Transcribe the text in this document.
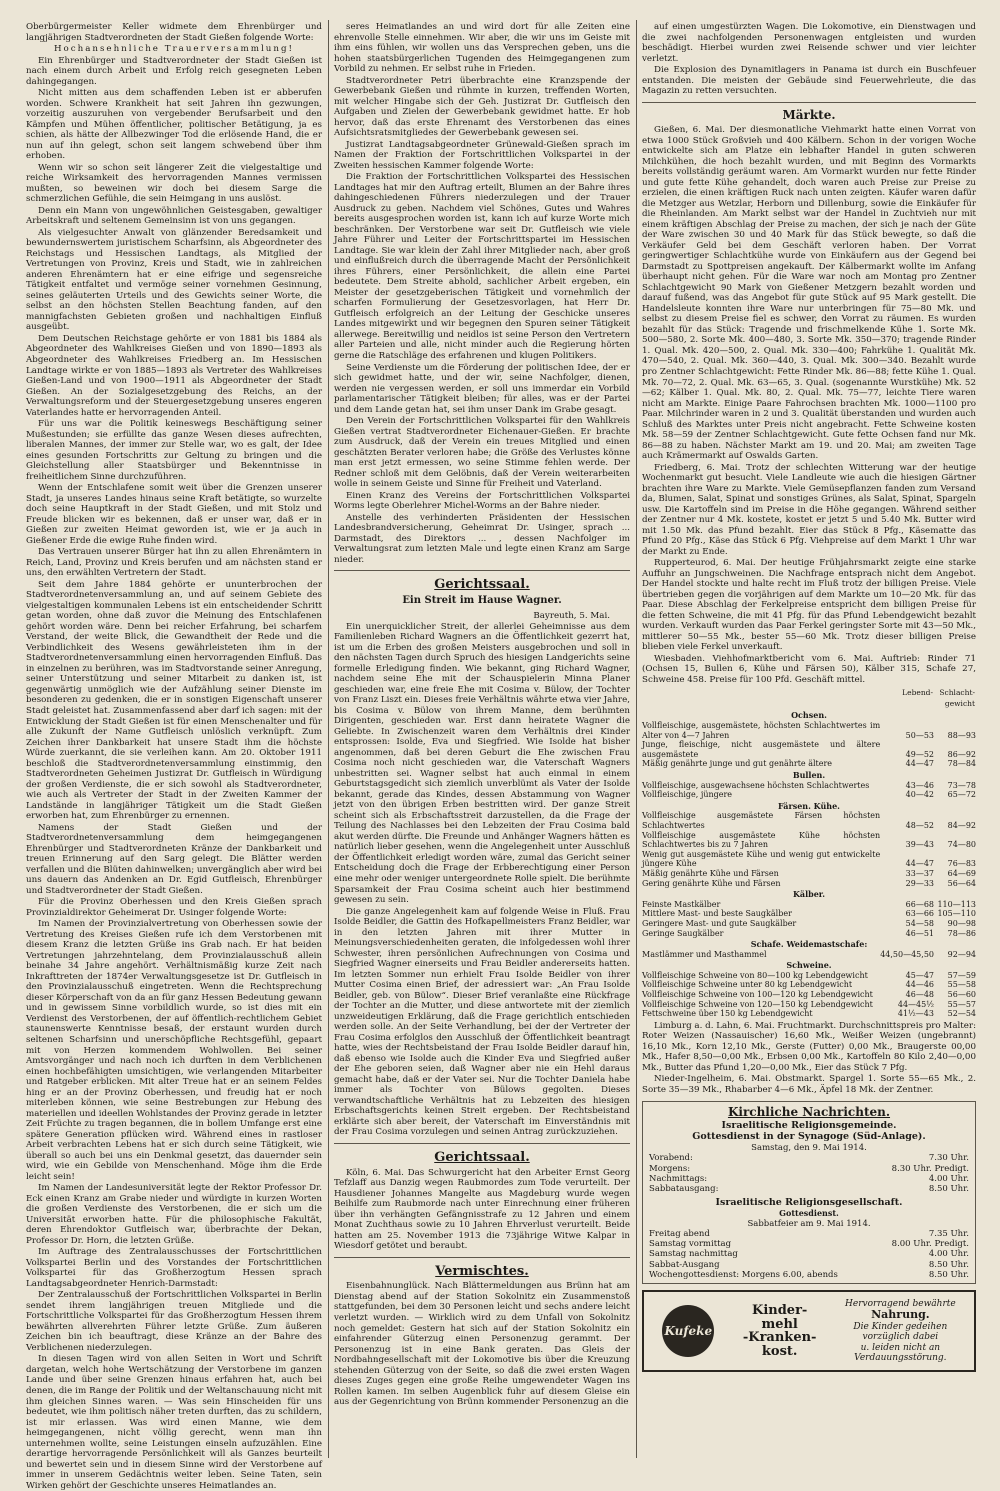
Oberbürgermeister Keller widmete dem Ehrenbürger und langjährigen Stadtverordneten der Stadt Gießen folgende Worte:

Hochansehnliche Trauerversammlung!

Ein Ehrenbürger und Stadtverordneter der Stadt Gießen ist nach einem durch Arbeit und Erfolg reich gesegneten Leben dahingegangen.

Nicht mitten aus dem schaffenden Leben ist er abberufen worden. Schwere Krankheit hat seit Jahren ihn gezwungen, vorzeitig auszuruhen von vergebender Berufsarbeit und den Kämpfen und Mühen öffentlicher, politischer Betätigung, ja es schien, als hätte der Allbezwinger Tod die erlösende Hand, die er nun auf ihn gelegt, schon seit langem schwebend über ihm erhoben.

Wenn wir so schon seit längerer Zeit die vielgestaltige und reiche Wirksamkeit des hervorragenden Mannes vermissen mußten, so beweinen wir doch bei diesem Sarge die schmerzlichen Gefühle, die sein Heimgang in uns auslöst.

Denn ein Mann von ungewöhnlichen Geistesgaben, gewaltiger Arbeitskraft und seltenem Gemeinsinn ist von uns gegangen.

Als vielgesuchter Anwalt von glänzender Beredsamkeit und bewundernswertem juristischem Scharfsinn, als Abgeordneter des Reichstags und Hessischen Landtags, als Mitglied der Vertretungen von Provinz, Kreis und Stadt, wie in zahlreichen anderen Ehrenämtern hat er eine eifrige und segensreiche Tätigkeit entfaltet und vermöge seiner vornehmen Gesinnung, seines geläuterten Urteils und des Gewichts seiner Worte, die selbst an den höchsten Stellen Beachtung fanden, auf den mannigfachsten Gebieten großen und nachhaltigen Einfluß ausgeübt.

Dem Deutschen Reichstage gehörte er von 1881 bis 1884 als Abgeordneter des Wahlkreises Gießen und von 1890—1893 als Abgeordneter des Wahlkreises Friedberg an. Im Hessischen Landtage wirkte er von 1885—1893 als Vertreter des Wahlkreises Gießen-Land und von 1900—1911 als Abgeordneter der Stadt Gießen. An der Sozialgesetzgebung des Reichs, an der Verwaltungsreform und der Steuergesetzgebung unseres engeren Vaterlandes hatte er hervorragenden Anteil.

Für uns war die Politik keineswegs Beschäftigung seiner Mußestunden; sie erfüllte das ganze Wesen dieses aufrechten, liberalen Mannes, der immer zur Stelle war, wo es galt, der Idee eines gesunden Fortschritts zur Geltung zu bringen und die Gleichstellung aller Staatsbürger und Bekenntnisse in freiheitlichem Sinne durchzuführen.

Wenn der Entschlafene somit weit über die Grenzen unserer Stadt, ja unseres Landes hinaus seine Kraft betätigte, so wurzelte doch seine Hauptkraft in der Stadt Gießen, und mit Stolz und Freude blicken wir es bekennen, daß er unser war, daß er in Gießen zur zweiten Heimat geworden ist, wie er ja auch in Gießener Erde die ewige Ruhe finden wird.

Das Vertrauen unserer Bürger hat ihn zu allen Ehrenämtern in Reich, Land, Provinz und Kreis berufen und am nächsten stand er uns, den erwählten Vertretern der Stadt.

Seit dem Jahre 1884 gehörte er ununterbrochen der Stadtverordnetenversammlung an, und auf seinem Gebiete des vielgestaltigen kommunalen Lebens ist ein entscheidender Schritt getan worden, ohne daß zuvor die Meinung des Entschlafenen gehört worden wäre. Denn bei reicher Erfahrung, bei scharfem Verstand, der weite Blick, die Gewandtheit der Rede und die Verbindlichkeit des Wesens gewährleisteten ihm in der Stadtverordnetenversammlung einen hervorragenden Einfluß. Das in einzelnen zu berühren, was im Stadtvorstande seiner Anregung, seiner Unterstützung und seiner Mitarbeit zu danken ist, ist gegenwärtig unmöglich wie der Aufzählung seiner Dienste im besonderen zu gedenken, die er in sonstigen Eigenschaft unserer Stadt geleistet hat. Zusammenfassend aber darf ich sagen: mit der Entwicklung der Stadt Gießen ist für einen Menschenalter und für alle Zukunft der Name Gutfleisch unlöslich verknüpft. Zum Zeichen ihrer Dankbarkeit hat unsere Stadt ihm die höchste Würde zuerkannt, die sie verleihen kann. Am 20. Oktober 1911 beschloß die Stadtverordnetenversammlung einstimmig, den Stadtverordneten Geheimen Justizrat Dr. Gutfleisch in Würdigung der großen Verdienste, die er sich sowohl als Stadtverordneter, wie auch als Vertreter der Stadt in der Zweiten Kammer der Landstände in langjähriger Tätigkeit um die Stadt Gießen erworben hat, zum Ehrenbürger zu ernennen.

Namens der Stadt Gießen und der Stadtverordnetenversammlung dem heimgegangenen Ehrenbürger und Stadtverordneten Kränze der Dankbarkeit und treuen Erinnerung auf den Sarg gelegt. Die Blätter werden verfallen und die Blüten dahinwelken; unvergänglich aber wird bei uns dauern das Andenken an Dr. Egid Gutfleisch, Ehrenbürger und Stadtverordneter der Stadt Gießen.

Für die Provinz Oberhessen und den Kreis Gießen sprach Provinzialdirektor Geheimerat Dr. Usinger folgende Worte:

Im Namen der Provinzialvertretung von Oberhessen sowie der Vertretung des Kreises Gießen rufe ich dem Verstorbenen mit diesem Kranz die letzten Grüße ins Grab nach. Er hat beiden Vertretungen jahrzehntelang, dem Provinzialausschuß allein beinahe 34 Jahre angehört. Verhältnismäßig kurze Zeit nach Inkrafttreten der 1874er Verwaltungsgesetze ist Dr. Gutfleisch in den Provinzialausschuß eingetreten. Wenn die Rechtsprechung dieser Körperschaft von da an für ganz Hessen Bedeutung gewann und in gewissem Sinne vorbildlich wurde, so ist dies mit ein Verdienst des Verstorbenen, der auf öffentlich-rechtlichem Gebiet staunenswerte Kenntnisse besaß, der erstaunt wurden durch seltenen Scharfsinn und unerschöpfliche Rechtsgefühl, gepaart mit von Herzen kommendem Wohlwollen. Bei seiner Amtsvorgänger und nach noch ich durften in dem Verblichenen einen hochbefähigten umsichtigen, wie verlangenden Mitarbeiter und Ratgeber erblicken. Mit alter Treue hat er an seinem Feldes hing er an der Provinz Oberhessen, und freudig hat er noch miterleben können, wie seine Bestrebungen zur Hebung des materiellen und ideellen Wohlstandes der Provinz gerade in letzter Zeit Früchte zu tragen begannen, die in bollem Umfange erst eine spätere Generation pflücken wird. Während eines in rastloser Arbeit verbrachten Lebens hat er sich durch seine Tätigkeit, wie überall so auch bei uns ein Denkmal gesetzt, das dauernder sein wird, wie ein Gebilde von Menschenhand. Möge ihm die Erde leicht sein!

Im Namen der Landesuniversität legte der Rektor Professor Dr. Eck einen Kranz am Grabe nieder und würdigte in kurzen Worten die großen Verdienste des Verstorbenen, die er sich um die Universität erworben hatte. Für die philosophische Fakultät, deren Ehrendoktor Gutfleisch war, überbrachte der Dekan, Professor Dr. Horn, die letzten Grüße.

Im Auftrage des Zentralausschusses der Fortschrittlichen Volkspartei Berlin und des Vorstandes der Fortschrittlichen Volkspartei für das Großherzogtum Hessen sprach Landtagsabgeordneter Henrich-Darmstadt:

Der Zentralausschuß der Fortschrittlichen Volkspartei in Berlin sendet ihrem langjährigen treuen Mitgliede und die Fortschrittliche Volkspartei für das Großherzogtum Hessen ihrem bewährten allverehrten Führer letzte Grüße. Zum äußeren Zeichen bin ich beauftragt, diese Kränze an der Bahre des Verblichenen niederzulegen.

In diesen Tagen wird von allen Seiten in Wort und Schrift dargetan, welch hohe Wertschätzung der Verstorbene im ganzen Lande und über seine Grenzen hinaus erfahren hat, auch bei denen, die im Range der Politik und der Weltanschauung nicht mit ihm gleichen Sinnes waren. — Was sein Hinscheiden für uns bedeutet, wie ihm politisch näher treten durften, das zu schildern, ist mir erlassen. Was wird einen Manne, wie dem heimgegangenen, nicht völlig gerecht, wenn man ihn unternehmen wollte, seine Leistungen einseln aufzuzählen. Eine derartige hervorragende Persönlichkeit will als Ganzes beurteilt und bewertet sein und in diesem Sinne wird der Verstorbene auf immer in unserem Gedächtnis weiter leben. Seine Taten, sein Wirken gehört der Geschichte unseres Heimatlandes an.

seres Heimatlandes an und wird dort für alle Zeiten eine ehrenvolle Stelle einnehmen. Wir aber, die wir uns im Geiste mit ihm eins fühlen, wir wollen uns das Versprechen geben, uns die hohen staatsbürgerlichen Tugenden des Heimgegangenen zum Vorbild zu nehmen. Er selbst ruhe in Frieden.

Stadtverordneter Petri überbrachte eine Kranzspende der Gewerbebank Gießen und rühmte in kurzen, treffenden Worten, mit welcher Hingabe sich der Geh. Justizrat Dr. Gutfleisch den Aufgaben und Zielen der Gewerbebank gewidmet hatte. Er hob hervor, daß das erste Ehrenamt des Verstorbenen das eines Aufsichtsratsmitgliedes der Gewerbebank gewesen sei.

Justizrat Landtagsabgeordneter Grünewald-Gießen sprach im Namen der Fraktion der Fortschrittlichen Volkspartei in der Zweiten hessischen Kammer folgende Worte:

Die Fraktion der Fortschrittlichen Volkspartei des Hessischen Landtages hat mir den Auftrag erteilt, Blumen an der Bahre ihres dahingeschiedenen Führers niederzulegen und der Trauer Ausdruck zu geben. Nachdem viel Schönes, Gutes und Wahres bereits ausgesprochen worden ist, kann ich auf kurze Worte mich beschränken. Der Verstorbene war seit Dr. Gutfleisch wie viele Jahre Führer und Leiter der Fortschrittspartei im Hessischen Landtage. Sie war klein der Zahl ihrer Mitglieder nach, aber groß und einflußreich durch die überragende Macht der Persönlichkeit ihres Führers, einer Persönlichkeit, die allein eine Partei bedeutete. Dem Streite abhold, sachlicher Arbeit ergeben, ein Meister der gesetzgeberischen Tätigkeit und vornehmlich der scharfen Formulierung der Gesetzesvorlagen, hat Herr Dr. Gutfleisch erfolgreich an der Leitung der Geschicke unseres Landes mitgewirkt und wir begegnen den Spuren seiner Tätigkeit allerwege. Bereitwillig und neidlos ist seine Person den Vertretern aller Parteien und alle, nicht minder auch die Regierung hörten gerne die Ratschläge des erfahrenen und klugen Politikers.

Seine Verdienste um die Förderung der politischen Idee, der er sich gewidmet hatte, und der wir, seine Nachfolger, dienen, werden nie vergessen werden, er soll uns immerdar ein Vorbild parlamentarischer Tätigkeit bleiben; für alles, was er der Partei und dem Lande getan hat, sei ihm unser Dank im Grabe gesagt.

Den Verein der Fortschrittlichen Volkspartei für den Wahlkreis Gießen vertrat Stadtverordneter Eichenauer-Gießen. Er brachte zum Ausdruck, daß der Verein ein treues Mitglied und einen geschätzten Berater verloren habe; die Größe des Verlustes könne man erst jetzt ermessen, wo seine Stimme fehlen werde. Der Redner schloß mit dem Gelöbnis, daß der Verein weiterarbeiten wolle in seinem Geiste und Sinne für Freiheit und Vaterland.

Einen Kranz des Vereins der Fortschrittlichen Volkspartei Worms legte Oberlehrer Michel-Worms an der Bahre nieder.

Anstelle des verhinderten Präsidenten der Hessischen Landesbrandversicherung, Geheimrat Dr. Usinger, sprach ... Darmstadt, des Direktors ... , dessen Nachfolger im Verwaltungsrat zum letzten Male und legte einen Kranz am Sarge nieder.

Gerichtssaal.
Ein Streit im Hause Wagner.
Bayreuth, 5. Mai.

Ein unerquicklicher Streit, der allerlei Geheimnisse aus dem Familienleben Richard Wagners an die Öffentlichkeit gezerrt hat, ist um die Erben des großen Meisters ausgebrochen und soll in den nächsten Tagen durch Spruch des hiesigen Landgerichts seine formelle Erledigung finden. Wie bekannt, ging Richard Wagner, nachdem seine Ehe mit der Schauspielerin Minna Planer geschieden war, eine freie Ehe mit Cosima v. Bülow, der Tochter von Franz Liszt ein. Dieses freie Verhältnis währte etwa vier Jahre, bis Cosima v. Bülow von ihrem Manne, dem berühmten Dirigenten, geschieden war. Erst dann heiratete Wagner die Geliebte. In Zwischenzeit waren dem Verhältnis drei Kinder entsprossen: Isolde, Eva und Siegfried. Wie Isolde hat bisher angenommen, daß bei deren Geburt die Ehe zwischen Frau Cosima noch nicht geschieden war, die Vaterschaft Wagners unbestritten sei. Wagner selbst hat auch einmal in einem Geburtstagsgedicht sich ziemlich unverblümt als Vater der Isolde bekannt, gerade das Kindes, dessen Abstammung von Wagner jetzt von den übrigen Erben bestritten wird. Der ganze Streit scheint sich als Erbschaftsstreit darzustellen, da die Frage der Teilung des Nachlasses bei den Lebzeiten der Frau Cosima bald akut werden dürfte. Die Freunde und Anhänger Wagners hätten es natürlich lieber gesehen, wenn die Angelegenheit unter Ausschluß der Öffentlichkeit erledigt worden wäre, zumal das Gericht seiner Entscheidung doch die Frage der Erbberechtigung einer Person eine mehr oder weniger untergeordnete Rolle spielt. Die berühmte Sparsamkeit der Frau Cosima scheint auch hier bestimmend gewesen zu sein.

Die ganze Angelegenheit kam auf folgende Weise in Fluß. Frau Isolde Beidler, die Gattin des Hofkapellmeisters Franz Beidler, war in den letzten Jahren mit ihrer Mutter in Meinungsverschiedenheiten geraten, die infolgedessen wohl ihrer Schwester, ihren persönlichen Aufrechnungen von Cosima und Siegfried Wagner einerseits und Frau Beidler andererseits hatten. Im letzten Sommer nun erhielt Frau Isolde Beidler von ihrer Mutter Cosima einen Brief, der adressiert war: „An Frau Isolde Beidler, geb. von Bülow“. Dieser Brief veranlaßte eine Rückfrage der Tochter an die Mutter, und diese antwortete mit der ziemlich unzweideutigen Erklärung, daß die Frage gerichtlich entschieden werden solle. An der Seite Verhandlung, bei der der Vertreter der Frau Cosima erfolglos den Ausschluß der Öffentlichkeit beantragt hatte, wies der Rechtsbeistand der Frau Isolde Beidler darauf hin, daß ebenso wie Isolde auch die Kinder Eva und Siegfried außer der Ehe geboren seien, daß Wagner aber nie ein Hehl daraus gemacht habe, daß er der Vater sei. Nur die Tochter Daniela habe immer als Tochter von Bülows gegolten. Dieses verwandtschaftliche Verhältnis hat zu Lebzeiten des hiesigen Erbschaftsgerichts keinen Streit ergeben. Der Rechtsbeistand erklärte sich aber bereit, der Vaterschaft im Einverständnis mit der Frau Cosima vorzulegen und seinen Antrag zurückzuziehen.

Gerichtssaal.

Köln, 6. Mai. Das Schwurgericht hat den Arbeiter Ernst Georg Tefzlaff aus Danzig wegen Raubmordes zum Tode verurteilt. Der Hausdiener Johannes Mangelte aus Magdeburg wurde wegen Beihilfe zum Raubmorde nach unter Einrechnung einer früheren über ihn verhängten Gefängnisstrafe zu 12 Jahren und einem Monat Zuchthaus sowie zu 10 Jahren Ehrverlust verurteilt. Beide hatten am 25. November 1913 die 73jährige Witwe Kalpar in Wiesdorf getötet und beraubt.

Vermischtes.

Eisenbahnunglück. Nach Blättermeldungen aus Brünn hat am Dienstag abend auf der Station Sokolnitz ein Zusammenstoß stattgefunden, bei dem 30 Personen leicht und sechs andere leicht verletzt wurden. — Wirklich wird zu dem Unfall von Sokolnitz noch gemeldet: Gestern hat sich auf der Station Sokolnitz ein einfahrender Güterzug einen Personenzug gerammt. Der Personenzug ist in eine Bank geraten. Das Gleis der Nordbahngesellschaft mit der Lokomotive bis über die Kreuzung stehenden Güterzug von der Seite, so daß die zwei ersten Wagen dieses Zuges gegen eine große Reihe umgewendeter Wagen ins Rollen kamen. Im selben Augenblick fuhr auf diesem Gleise ein aus der Gegenrichtung von Brünn kommender Personenzug an die

auf einen umgestürzten Wagen. Die Lokomotive, ein Dienstwagen und die zwei nachfolgenden Personenwagen entgleisten und wurden beschädigt. Hierbei wurden zwei Reisende schwer und vier leichter verletzt.

Die Explosion des Dynamitlagers in Panama ist durch ein Buschfeuer entstanden. Die meisten der Gebäude sind Feuerwehrleute, die das Magazin zu retten versuchten.

Märkte.

Gießen, 6. Mai. Der diesmonatliche Viehmarkt hatte einen Vorrat von etwa 1000 Stück Großvieh und 400 Kälbern. Schon in der vorigen Woche entwickelte sich am Platze ein lebhafter Handel in guten schweren Milchkühen, die hoch bezahlt wurden, und mit Beginn des Vormarkts bereits vollständig geräumt waren. Am Vormarkt wurden nur fette Rinder und gute fette Kühe gehandelt, doch waren auch Preise zur Preise zu erzielen, die einen kräftigen Ruck nach unten zeigten. Käufer waren dafür die Metzger aus Wetzlar, Herborn und Dillenburg, sowie die Einkäufer für die Rheinlanden. Am Markt selbst war der Handel in Zuchtvieh nur mit einem kräftigen Abschlag der Preise zu machen, der sich je nach der Güte der Ware zwischen 30 und 40 Mark für das Stück bewegte, so daß die Verkäufer Geld bei dem Geschäft verloren haben. Der Vorrat geringwertiger Schlachtkühe wurde von Einkäufern aus der Gegend bei Darmstadt zu Spottpreisen angekauft. Der Kälbermarkt wollte im Anfang überhaupt nicht gehen. Für die Ware war noch am Montag pro Zentner Schlachtgewicht 90 Mark von Gießener Metzgern bezahlt worden und darauf fußend, was das Angebot für gute Stück auf 95 Mark gestellt. Die Handelsleute konnten ihre Ware nur unterbringen für 75—80 Mk. und selbst zu diesem Preise fiel es schwer, den Vorrat zu räumen. Es wurden bezahlt für das Stück: Tragende und frischmelkende Kühe 1. Sorte Mk. 500—580, 2. Sorte Mk. 400—480, 3. Sorte Mk. 350—370; tragende Rinder 1. Qual. Mk. 420—500, 2. Qual. Mk. 330—400; Fahrkühe 1. Qualität Mk. 470—540, 2. Qual. Mk. 360—440, 3. Qual. Mk. 300—340. Bezahlt wurde pro Zentner Schlachtgewicht: Fette Rinder Mk. 86—88; fette Kühe 1. Qual. Mk. 70—72, 2. Qual. Mk. 63—65, 3. Qual. (sogenannte Wurstkühe) Mk. 52—62; Kälber 1. Qual. Mk. 80, 2. Qual. Mk. 75—77, leichte Tiere waren nicht am Markte. Einige Paare Fahrochsen brachten Mk. 1000—1100 pro Paar. Milchrinder waren in 2 und 3. Qualität überstanden und wurden auch Schluß des Marktes unter Preis nicht angebracht. Fette Schweine kosten Mk. 58—59 der Zentner Schlachtgewicht. Gute fette Ochsen fand nur Mk. 86—88 zu haben. Nächster Markt am 19. und 20. Mai; am zweiten Tage auch Krämermarkt auf Oswalds Garten.

Friedberg, 6. Mai. Trotz der schlechten Witterung war der heutige Wochenmarkt gut besucht. Viele Landleute wie auch die hiesigen Gärtner brachten ihre Ware zu Markte. Viele Gemüsepflanzen fanden zum Versand da, Blumen, Salat, Spinat und sonstiges Grünes, als Salat, Spinat, Spargeln usw. Die Kartoffeln sind im Preise in die Höhe gegangen. Während seither der Zentner nur 4 Mk. kostete, kostet er jetzt 5 und 5.40 Mk. Butter wird mit 1.50 Mk. das Pfund bezahlt. Eier das Stück 8 Pfg., Käsematte das Pfund 20 Pfg., Käse das Stück 6 Pfg. Viehpreise auf dem Markt 1 Uhr war der Markt zu Ende.

Rupperteurod, 6. Mai. Der heutige Frühjahrsmarkt zeigte eine starke Auffuhr an Jungschweinen. Die Nachfrage entsprach nicht dem Angebot. Der Handel stockte und halte recht im Fluß trotz der billigen Preise. Viele übertrieben gegen die vorjährigen auf dem Markte um 10—20 Mk. für das Paar. Diese Abschlag der Ferkelpreise entspricht dem billigen Preise für die fetten Schweine, die mit 41 Pfg. für das Pfund Lebendgewicht bezahlt wurden. Verkauft wurden das Paar Ferkel geringster Sorte mit 43—50 Mk., mittlerer 50—55 Mk., bester 55—60 Mk. Trotz dieser billigen Preise blieben viele Ferkel unverkauft.

Wiesbaden. Viehhofmarktbericht vom 6. Mai. Auftrieb: Rinder 71 (Ochsen 15, Bullen 6, Kühe und Färsen 50), Kälber 315, Schafe 27, Schweine 458. Preise für 100 Pfd. Geschäft mittel.

	Lebend-	Schlacht-
		gewicht
Ochsen.		
Vollfleischige, ausgemästete, höchsten Schlachtwertes im Alter von 4—7 Jahren	50—53	88—93
Junge, fleischige, nicht ausgemästete und ältere ausgemästete	49—52	86—92
Mäßig genährte junge und gut genährte ältere	44—47	78—84
Bullen.		
Vollfleischige, ausgewachsene höchsten Schlachtwertes	43—46	73—78
Vollfleischige, jüngere	40—42	65—72
Färsen. Kühe.		
Vollfleischige ausgemästete Färsen höchsten Schlachtwertes	48—52	84—92
Vollfleischige ausgemästete Kühe höchsten Schlachtwertes bis zu 7 Jahren	39—43	74—80
Wenig gut ausgemästete Kühe und wenig gut entwickelte jüngere Kühe	44—47	76—83
Mäßig genährte Kühe und Färsen	33—37	64—69
Gering genährte Kühe und Färsen	29—33	56—64
Kälber.		
Feinste Mastkälber	66—68	110—113
Mittlere Mast- und beste Saugkälber	63—66	105—110
Geringere Mast- und gute Saugkälber	54—58	90—98
Geringe Saugkälber	46—51	78—86
Schafe. Weidemastschafe:		
Mastlämmer und Masthammel	44,50—45,50	92—94
Schweine.		
Vollfleischige Schweine von 80—100 kg Lebendgewicht	45—47	57—59
Vollfleischige Schweine unter 80 kg Lebendgewicht	44—46	55—58
Vollfleischige Schweine von 100—120 kg Lebendgewicht	46—48	56—60
Vollfleischige Schweine von 120—150 kg Lebendgewicht	44—45½	55—57
Fettschweine über 150 kg Lebendgewicht	41½—43	52—54

Limburg a. d. Lahn, 6. Mai. Fruchtmarkt. Durchschnittspreis pro Malter: Roter Weizen (Nassauischer) 16,60 Mk., Weißer Weizen (ungebrannt) 16,10 Mk., Korn 12,10 Mk., Gerste (Futter) 0,00 Mk., Braugerste 00,00 Mk., Hafer 8,50—0,00 Mk., Erbsen 0,00 Mk., Kartoffeln 80 Kilo 2,40—0,00 Mk., Butter das Pfund 1,20—0,00 Mk., Eier das Stück 7 Pfg.

Nieder-Ingelheim, 6. Mai. Obstmarkt. Spargel 1. Sorte 55—65 Mk., 2. Sorte 35—39 Mk., Rhabarber 4—6 Mk., Äpfel 18 Mk. der Zentner.

Kirchliche Nachrichten.
Israelitische Religionsgemeinde.
Gottesdienst in der Synagoge (Süd-Anlage).
Samstag, den 9. Mai 1914.
Vorabend:	7.30 Uhr.
Morgens:	8.30 Uhr. Predigt.
Nachmittags:	4.00 Uhr.
Sabbatausgang:	8.50 Uhr.
Israelitische Religionsgesellschaft.
Gottesdienst.
Sabbatfeier am 9. Mai 1914.
Freitag abend	7.35 Uhr.
Samstag vormittag	8.00 Uhr. Predigt.
Samstag nachmittag	4.00 Uhr.
Sabbat-Ausgang	8.50 Uhr.
Wochengottesdienst: Morgens 6.00, abends	8.50 Uhr.
Kufeke
Kinder-
mehl
-Kranken-
kost.
Hervorragend bewährte
Nahrung.
Die Kinder gedeihen
vorzüglich dabei
u. leiden nicht an
Verdauungsstörung.
